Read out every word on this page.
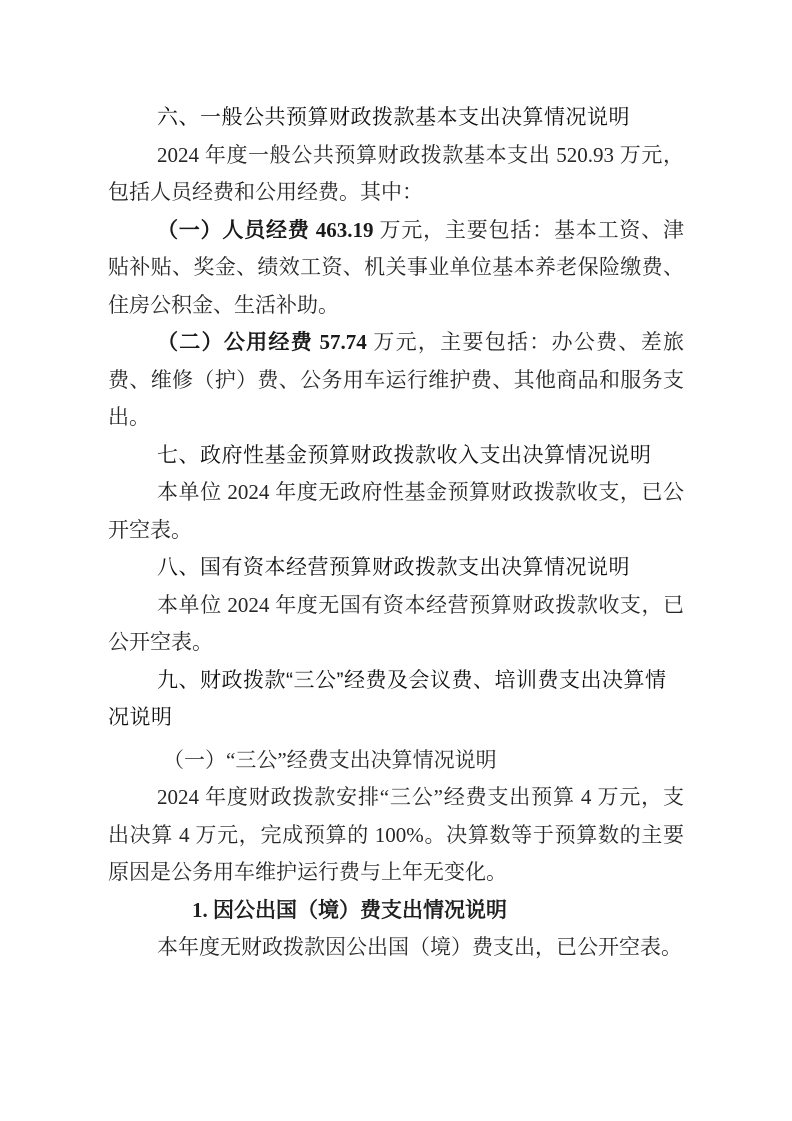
六、一般公共预算财政拨款基本支出决算情况说明

2024 年度一般公共预算财政拨款基本支出 520.93 万元，包括人员经费和公用经费。其中：

（一）人员经费 463.19 万元，主要包括：基本工资、津贴补贴、奖金、绩效工资、机关事业单位基本养老保险缴费、住房公积金、生活补助。

（二）公用经费 57.74 万元，主要包括：办公费、差旅费、维修（护）费、公务用车运行维护费、其他商品和服务支出。

七、政府性基金预算财政拨款收入支出决算情况说明

本单位 2024 年度无政府性基金预算财政拨款收支，已公开空表。

八、国有资本经营预算财政拨款支出决算情况说明

本单位 2024 年度无国有资本经营预算财政拨款收支，已公开空表。

九、财政拨款“三公”经费及会议费、培训费支出决算情况说明

（一）“三公”经费支出决算情况说明

2024 年度财政拨款安排“三公”经费支出预算 4 万元，支出决算 4 万元，完成预算的 100%。决算数等于预算数的主要原因是公务用车维护运行费与上年无变化。

1. 因公出国（境）费支出情况说明

本年度无财政拨款因公出国（境）费支出，已公开空表。
